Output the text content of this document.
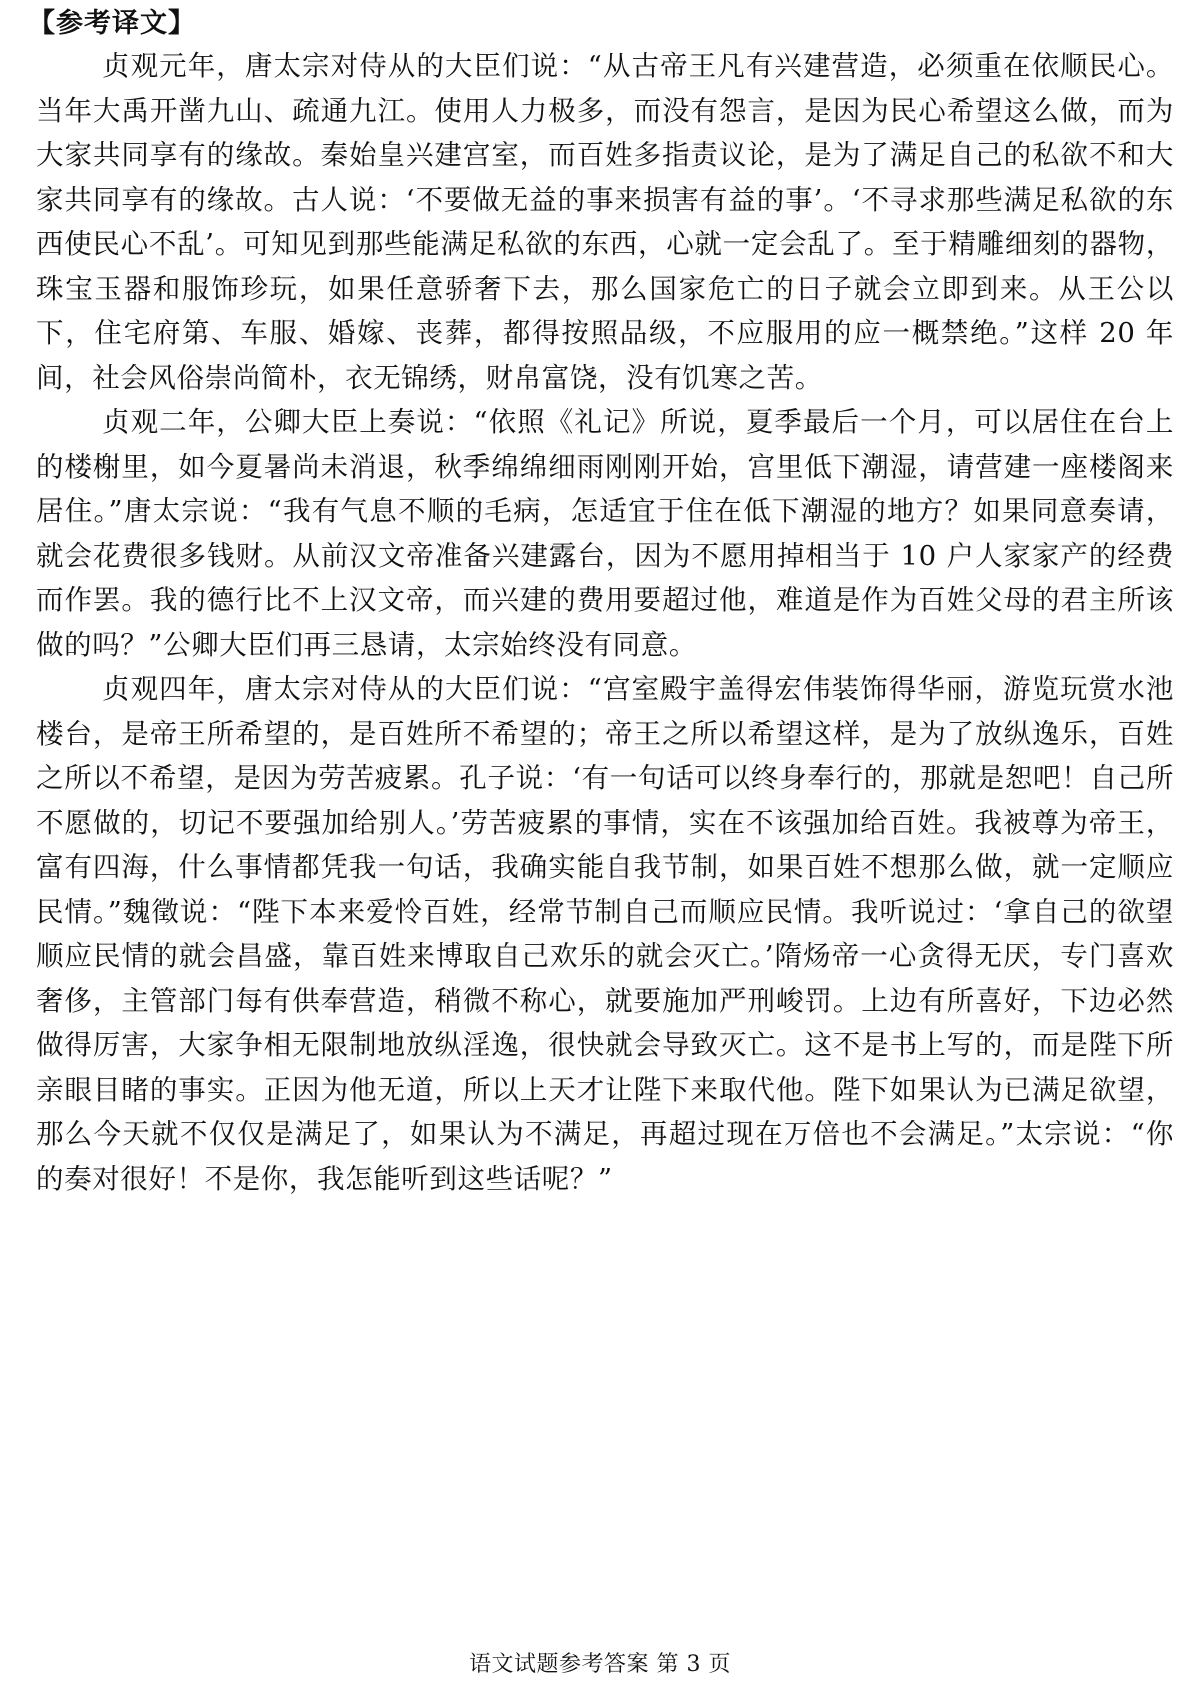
【参考译文】

贞观元年，唐太宗对侍从的大臣们说：“从古帝王凡有兴建营造，必须重在依顺民心。当年大禹开凿九山、疏通九江。使用人力极多，而没有怨言，是因为民心希望这么做，而为大家共同享有的缘故。秦始皇兴建宫室，而百姓多指责议论，是为了满足自己的私欲不和大家共同享有的缘故。古人说：‘不要做无益的事来损害有益的事’。‘不寻求那些满足私欲的东西使民心不乱’。可知见到那些能满足私欲的东西，心就一定会乱了。至于精雕细刻的器物，珠宝玉器和服饰珍玩，如果任意骄奢下去，那么国家危亡的日子就会立即到来。从王公以下，住宅府第、车服、婚嫁、丧葬，都得按照品级，不应服用的应一概禁绝。”这样 20 年间，社会风俗崇尚简朴，衣无锦绣，财帛富饶，没有饥寒之苦。

贞观二年，公卿大臣上奏说：“依照《礼记》所说，夏季最后一个月，可以居住在台上的楼榭里，如今夏暑尚未消退，秋季绵绵细雨刚刚开始，宫里低下潮湿，请营建一座楼阁来居住。”唐太宗说：“我有气息不顺的毛病，怎适宜于住在低下潮湿的地方？如果同意奏请，就会花费很多钱财。从前汉文帝准备兴建露台，因为不愿用掉相当于 10 户人家家产的经费而作罢。我的德行比不上汉文帝，而兴建的费用要超过他，难道是作为百姓父母的君主所该做的吗？”公卿大臣们再三恳请，太宗始终没有同意。

贞观四年，唐太宗对侍从的大臣们说：“宫室殿宇盖得宏伟装饰得华丽，游览玩赏水池楼台，是帝王所希望的，是百姓所不希望的；帝王之所以希望这样，是为了放纵逸乐，百姓之所以不希望，是因为劳苦疲累。孔子说：‘有一句话可以终身奉行的，那就是恕吧！自己所不愿做的，切记不要强加给别人。’劳苦疲累的事情，实在不该强加给百姓。我被尊为帝王，富有四海，什么事情都凭我一句话，我确实能自我节制，如果百姓不想那么做，就一定顺应民情。”魏徵说：“陛下本来爱怜百姓，经常节制自己而顺应民情。我听说过：‘拿自己的欲望顺应民情的就会昌盛，靠百姓来博取自己欢乐的就会灭亡。’隋炀帝一心贪得无厌，专门喜欢奢侈，主管部门每有供奉营造，稍微不称心，就要施加严刑峻罚。上边有所喜好，下边必然做得厉害，大家争相无限制地放纵淫逸，很快就会导致灭亡。这不是书上写的，而是陛下所亲眼目睹的事实。正因为他无道，所以上天才让陛下来取代他。陛下如果认为已满足欲望，那么今天就不仅仅是满足了，如果认为不满足，再超过现在万倍也不会满足。”太宗说：“你的奏对很好！不是你，我怎能听到这些话呢？”

语文试题参考答案 第 3 页
